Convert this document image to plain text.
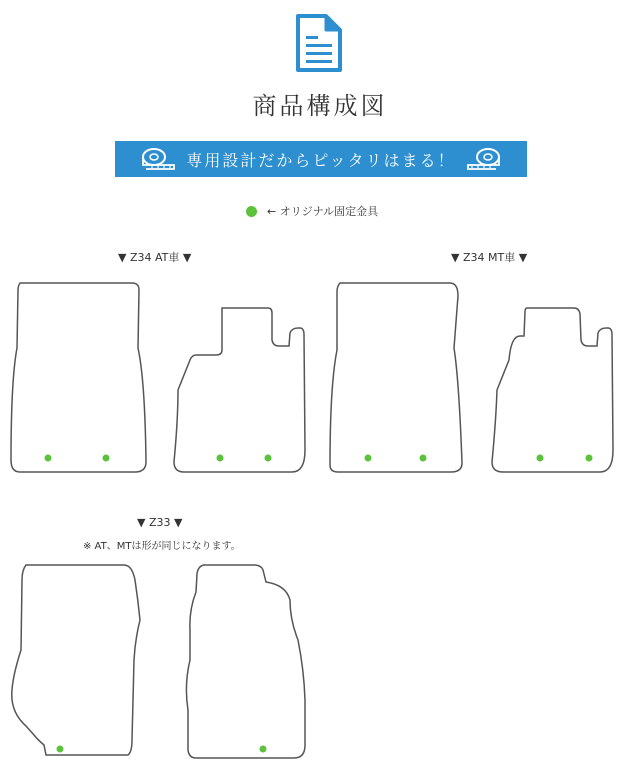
商品構成図
専用設計だからピッタリはまる！
← オリジナル固定金具
▼ Z34 AT車 ▼	▼ Z34 MT車 ▼
▼ Z33 ▼
※ AT、MTは形が同じになります。
